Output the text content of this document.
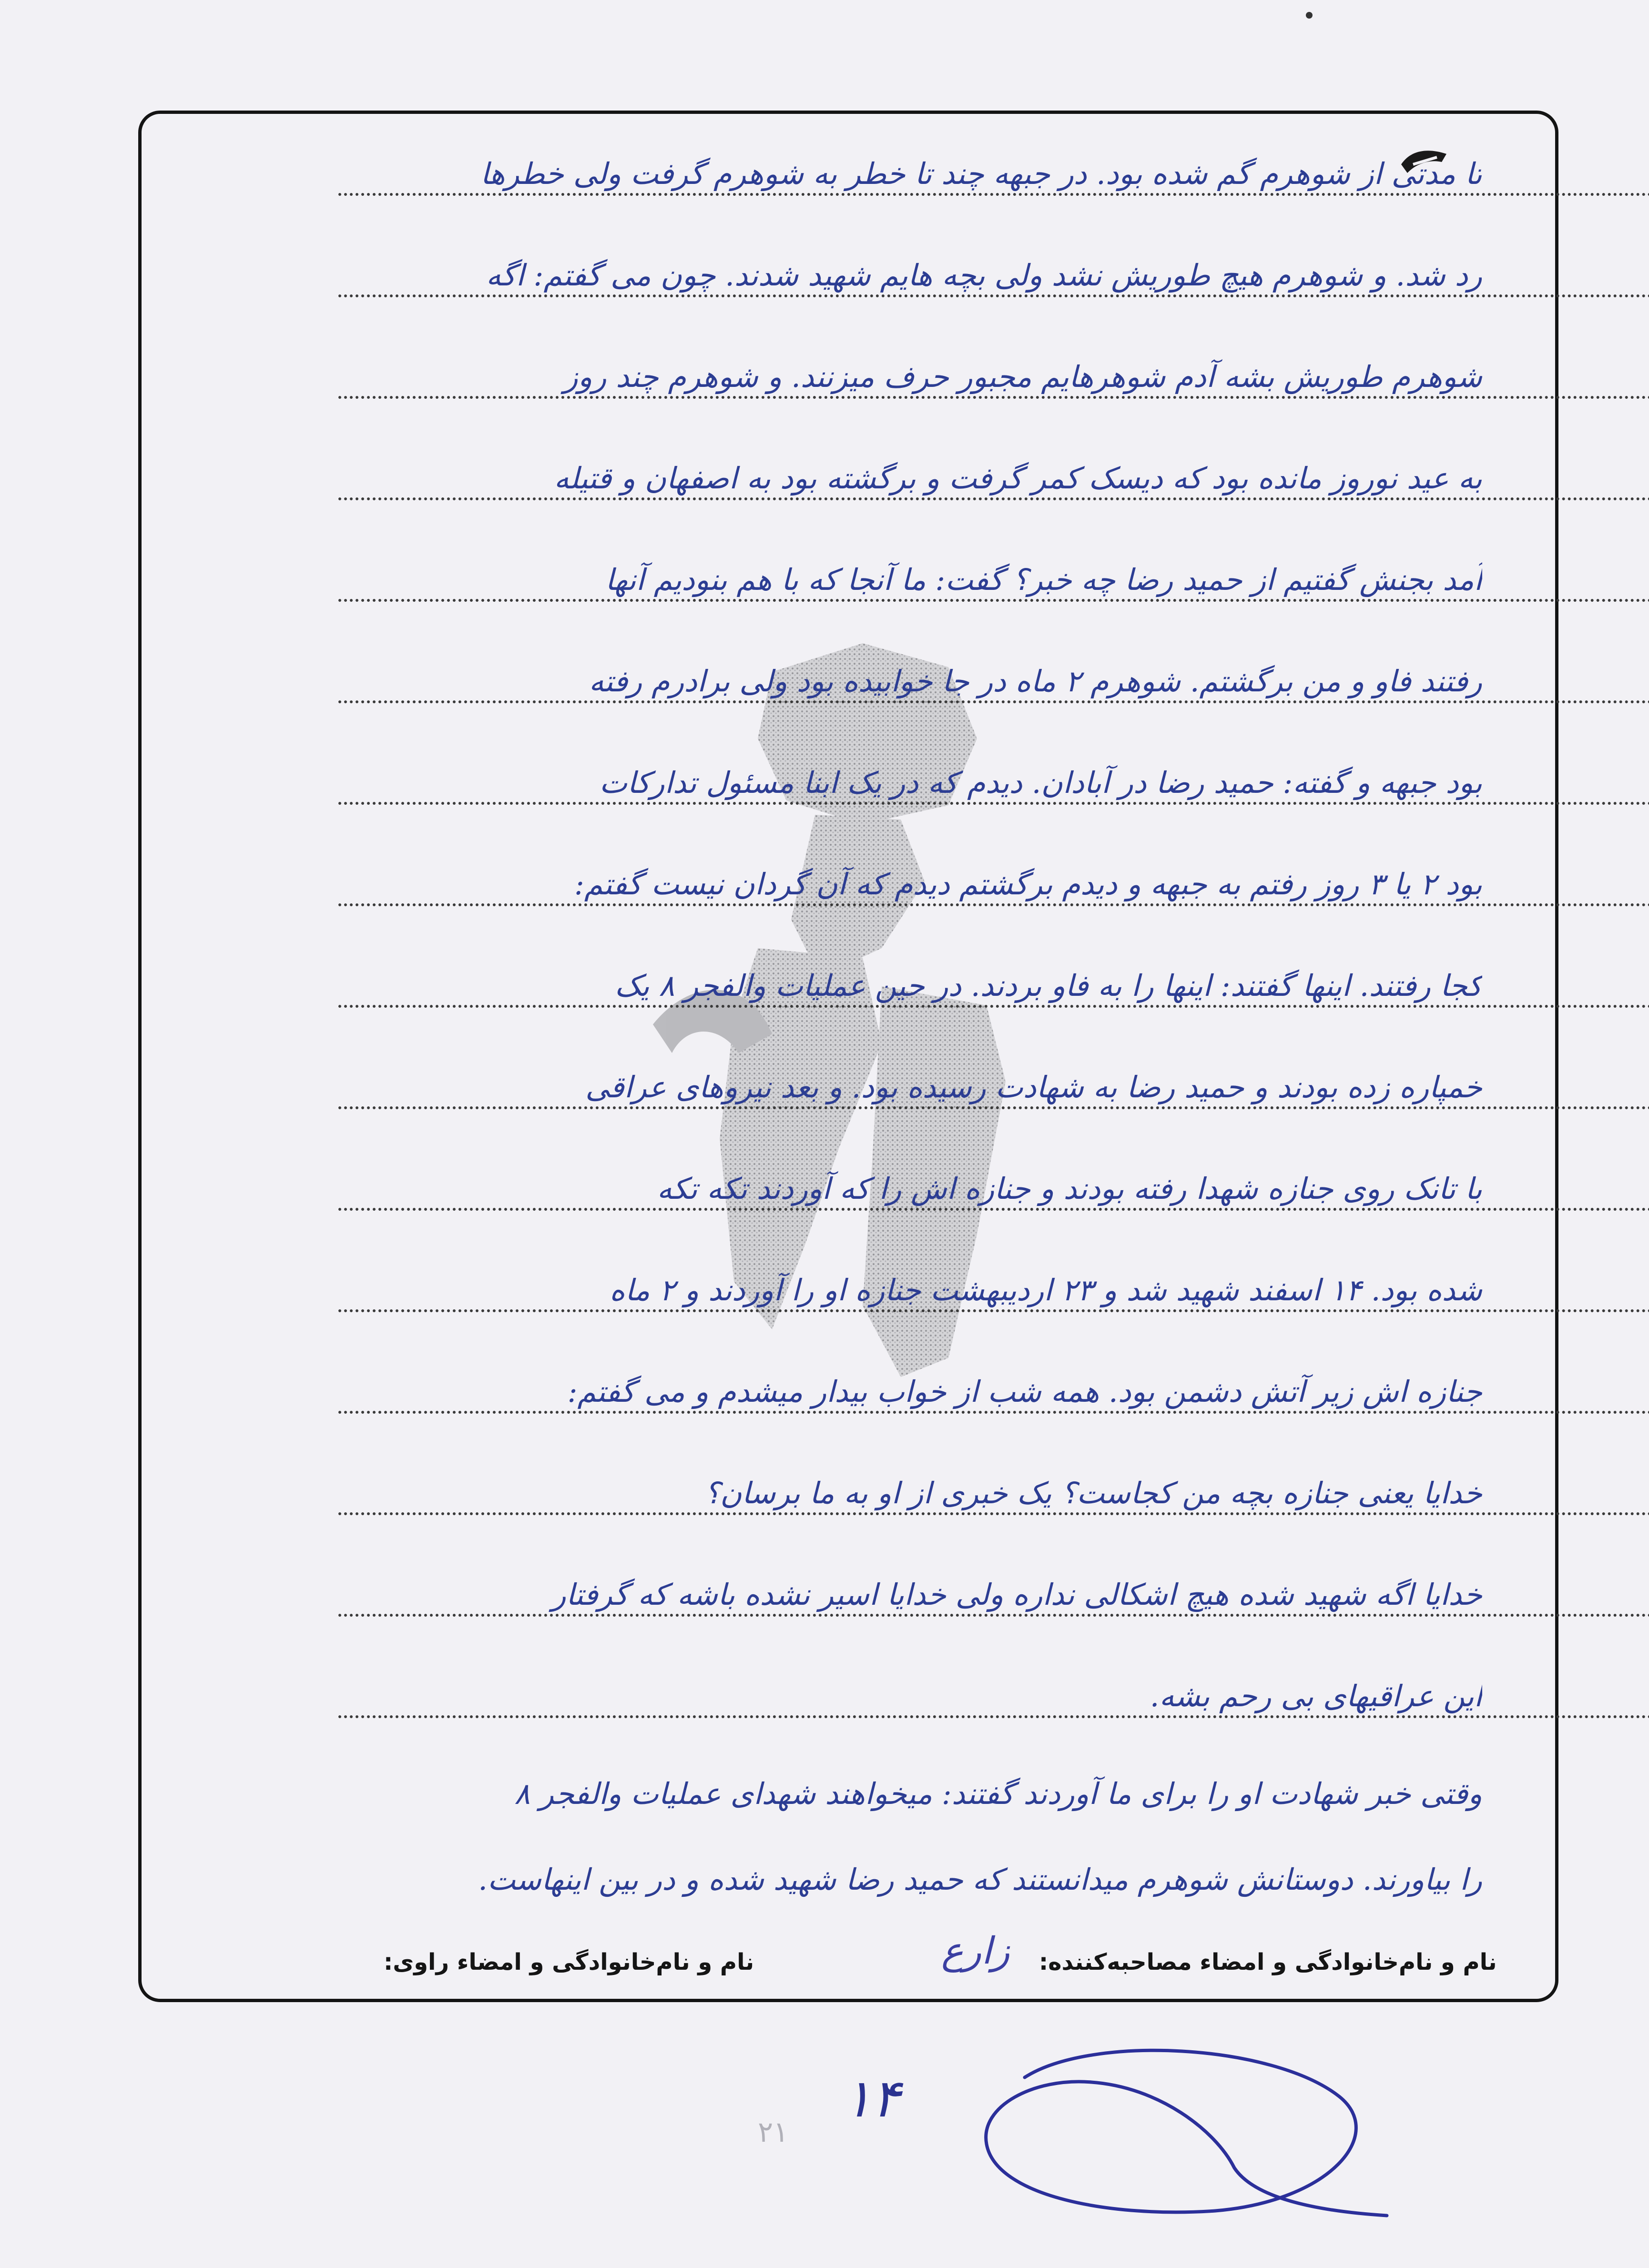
تا مدتی از شوهرم گم شده بود. در جبهه چند تا خطر به شوهرم گرفت ولی خطرها
رد شد. و شوهرم هیچ طوریش نشد ولی بچه هایم شهید شدند. چون می گفتم: اگه
شوهرم طوریش بشه آدم شوهرهایم مجبور حرف میزنند. و شوهرم چند روز
به عید نوروز مانده بود که دیسک کمر گرفت و برگشته بود به اصفهان و قتیله
آمد بجنش گفتیم از حمید رضا چه خبر؟ گفت: ما آنجا که با هم بنودیم آنها
رفتند فاو و من برگشتم. شوهرم ۲ ماه در جا خوابیده بود ولی برادرم رفته
بود جبهه و گفته: حمید رضا در آبادان. دیدم که در یک ابنا مسئول تدارکات
بود ۲ یا ۳ روز رفتم به جبهه و دیدم برگشتم دیدم که آن گردان نیست گفتم:
کجا رفتند. اینها گفتند: اینها را به فاو بردند. در حین عملیات والفجر ۸ یک
خمپاره زده بودند و حمید رضا به شهادت رسیده بود. و بعد نیروهای عراقی
با تانک روی جنازه شهدا رفته بودند و جنازه اش را که آوردند تکه تکه
شده بود. ۱۴ اسفند شهید شد و ۲۳ اردیبهشت جنازه او را آوردند و ۲ ماه
جنازه اش زیر آتش دشمن بود. همه شب از خواب بیدار میشدم و می گفتم:
خدایا یعنی جنازه بچه من کجاست؟ یک خبری از او به ما برسان؟
خدایا اگه شهید شده هیچ اشکالی نداره ولی خدایا اسیر نشده باشه که گرفتار
این عراقیهای بی رحم بشه.
وقتی خبر شهادت او را برای ما آوردند گفتند: میخواهند شهدای عملیات والفجر ۸
را بیاورند. دوستانش شوهرم میدانستند که حمید رضا شهید شده و در بین اینهاست.
نام و نام‌خانوادگی و امضاء مصاحبه‌کننده:
زارع
نام و نام‌خانوادگی و امضاء راوی:
۱۴
۲۱
